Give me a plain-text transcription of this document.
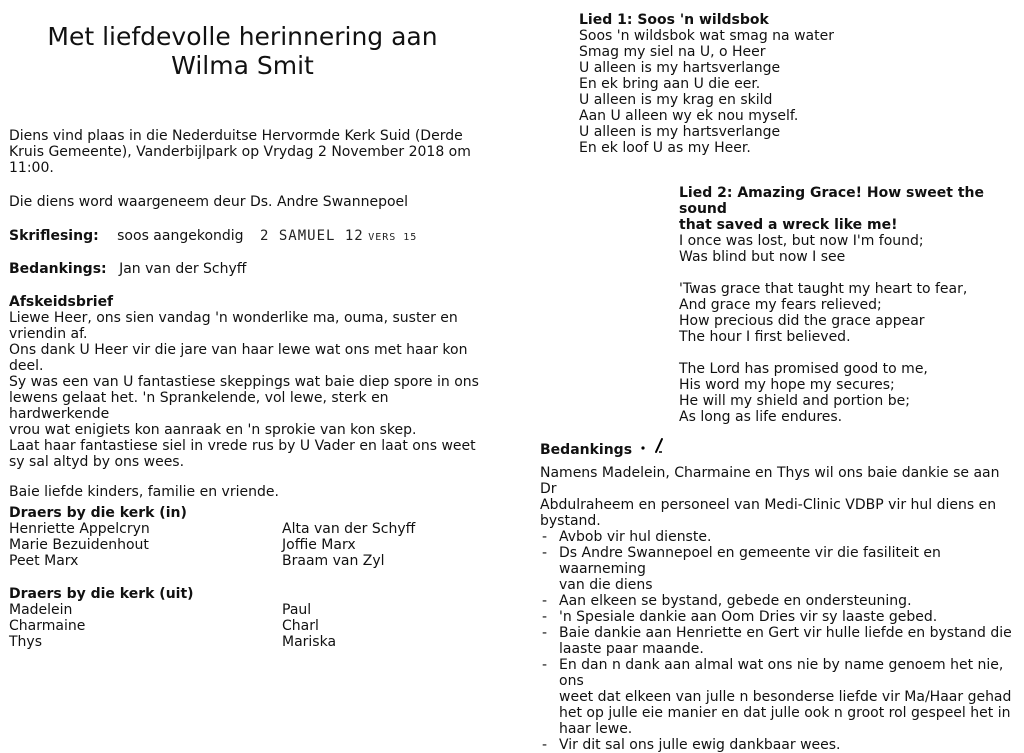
Met liefdevolle herinnering aan
Wilma Smit
Diens vind plaas in die Nederduitse Hervormde Kerk Suid (Derde Kruis Gemeente), Vanderbijlpark op Vrydag 2 November 2018 om 11:00.
Die diens word waargeneem deur Ds. Andre Swannepoel
Skriflesing: soos aangekondig 2 SAMUEL 12 VERS 15
Bedankings: Jan van der Schyff
Afskeidsbrief
Liewe Heer, ons sien vandag 'n wonderlike ma, ouma, suster en
vriendin af.
Ons dank U Heer vir die jare van haar lewe wat ons met haar kon
deel.
Sy was een van U fantastiese skeppings wat baie diep spore in ons
lewens gelaat het. 'n Sprankelende, vol lewe, sterk en hardwerkende
vrou wat enigiets kon aanraak en 'n sprokie van kon skep.
Laat haar fantastiese siel in vrede rus by U Vader en laat ons weet
sy sal altyd by ons wees.
Baie liefde kinders, familie en vriende.
Draers by die kerk (in)
Henriette Appelcryn
Marie Bezuidenhout
Peet Marx
Alta van der Schyff
Joffie Marx
Braam van Zyl
Draers by die kerk (uit)
Madelein
Charmaine
Thys
Paul
Charl
Mariska
Lied 1: Soos 'n wildsbok
Soos 'n wildsbok wat smag na water
Smag my siel na U, o Heer
U alleen is my hartsverlange
En ek bring aan U die eer.
U alleen is my krag en skild
Aan U alleen wy ek nou myself.
U alleen is my hartsverlange
En ek loof U as my Heer.
Lied 2: Amazing Grace! How sweet the sound
that saved a wreck like me!
I once was lost, but now I'm found;
Was blind but now I see
'Twas grace that taught my heart to fear,
And grace my fears relieved;
How precious did the grace appear
The hour I first believed.
The Lord has promised good to me,
His word my hope my secures;
He will my shield and portion be;
As long as life endures.
Bedankings
Namens Madelein, Charmaine en Thys wil ons baie dankie se aan Dr
Abdulraheem en personeel van Medi-Clinic VDBP vir hul diens en
bystand.
- Avbob vir hul dienste.
- Ds Andre Swannepoel en gemeente vir die fasiliteit en waarneming
van die diens
- Aan elkeen se bystand, gebede en ondersteuning.
- 'n Spesiale dankie aan Oom Dries vir sy laaste gebed.
- Baie dankie aan Henriette en Gert vir hulle liefde en bystand die
laaste paar maande.
- En dan n dank aan almal wat ons nie by name genoem het nie, ons
weet dat elkeen van julle n besonderse liefde vir Ma/Haar gehad
het op julle eie manier en dat julle ook n groot rol gespeel het in
haar lewe.
- Vir dit sal ons julle ewig dankbaar wees.
